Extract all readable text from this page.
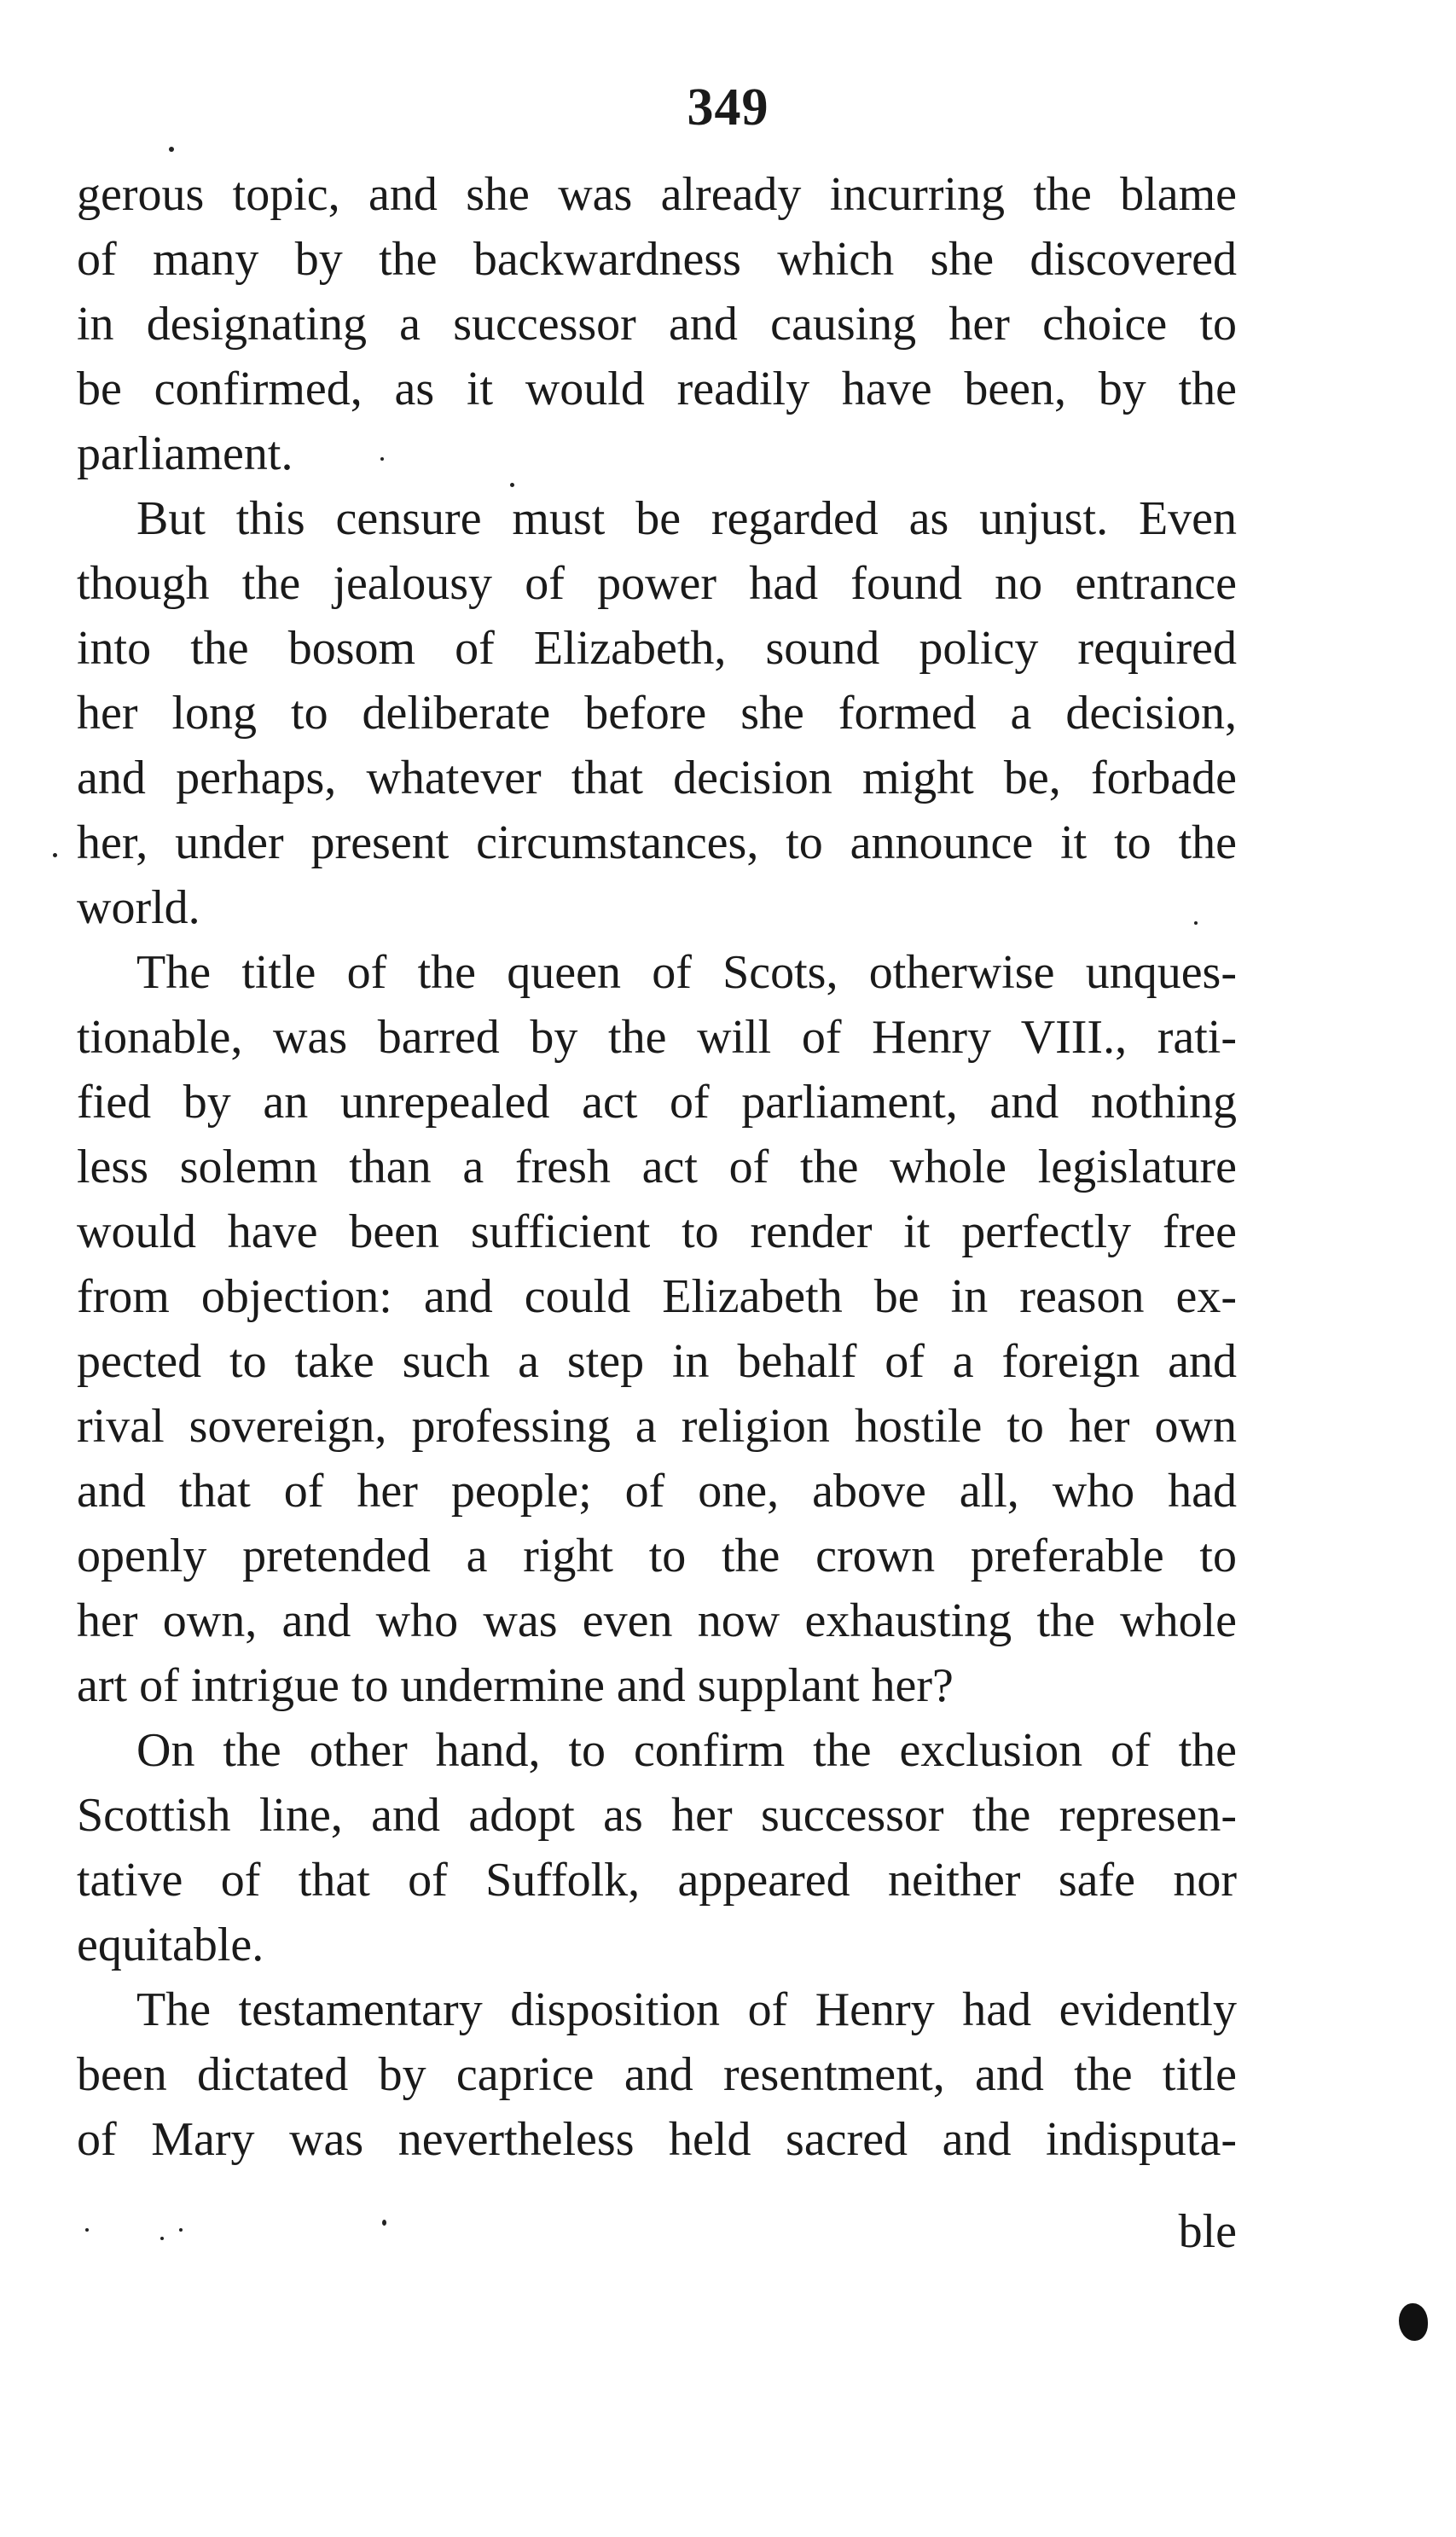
349
gerous topic, and she was already incurring the blame
of many by the backwardness which she discovered
in designating a successor and causing her choice to
be confirmed, as it would readily have been, by the
parliament.
But this censure must be regarded as unjust. Even
though the jealousy of power had found no entrance
into the bosom of Elizabeth, sound policy required
her long to deliberate before she formed a decision,
and perhaps, whatever that decision might be, forbade
her, under present circumstances, to announce it to the
world.
The title of the queen of Scots, otherwise unques-
tionable, was barred by the will of Henry VIII., rati-
fied by an unrepealed act of parliament, and nothing
less solemn than a fresh act of the whole legislature
would have been sufficient to render it perfectly free
from objection: and could Elizabeth be in reason ex-
pected to take such a step in behalf of a foreign and
rival sovereign, professing a religion hostile to her own
and that of her people; of one, above all, who had
openly pretended a right to the crown preferable to
her own, and who was even now exhausting the whole
art of intrigue to undermine and supplant her?
On the other hand, to confirm the exclusion of the
Scottish line, and adopt as her successor the represen-
tative of that of Suffolk, appeared neither safe nor
equitable.
The testamentary disposition of Henry had evidently
been dictated by caprice and resentment, and the title
of Mary was nevertheless held sacred and indisputa-
ble
